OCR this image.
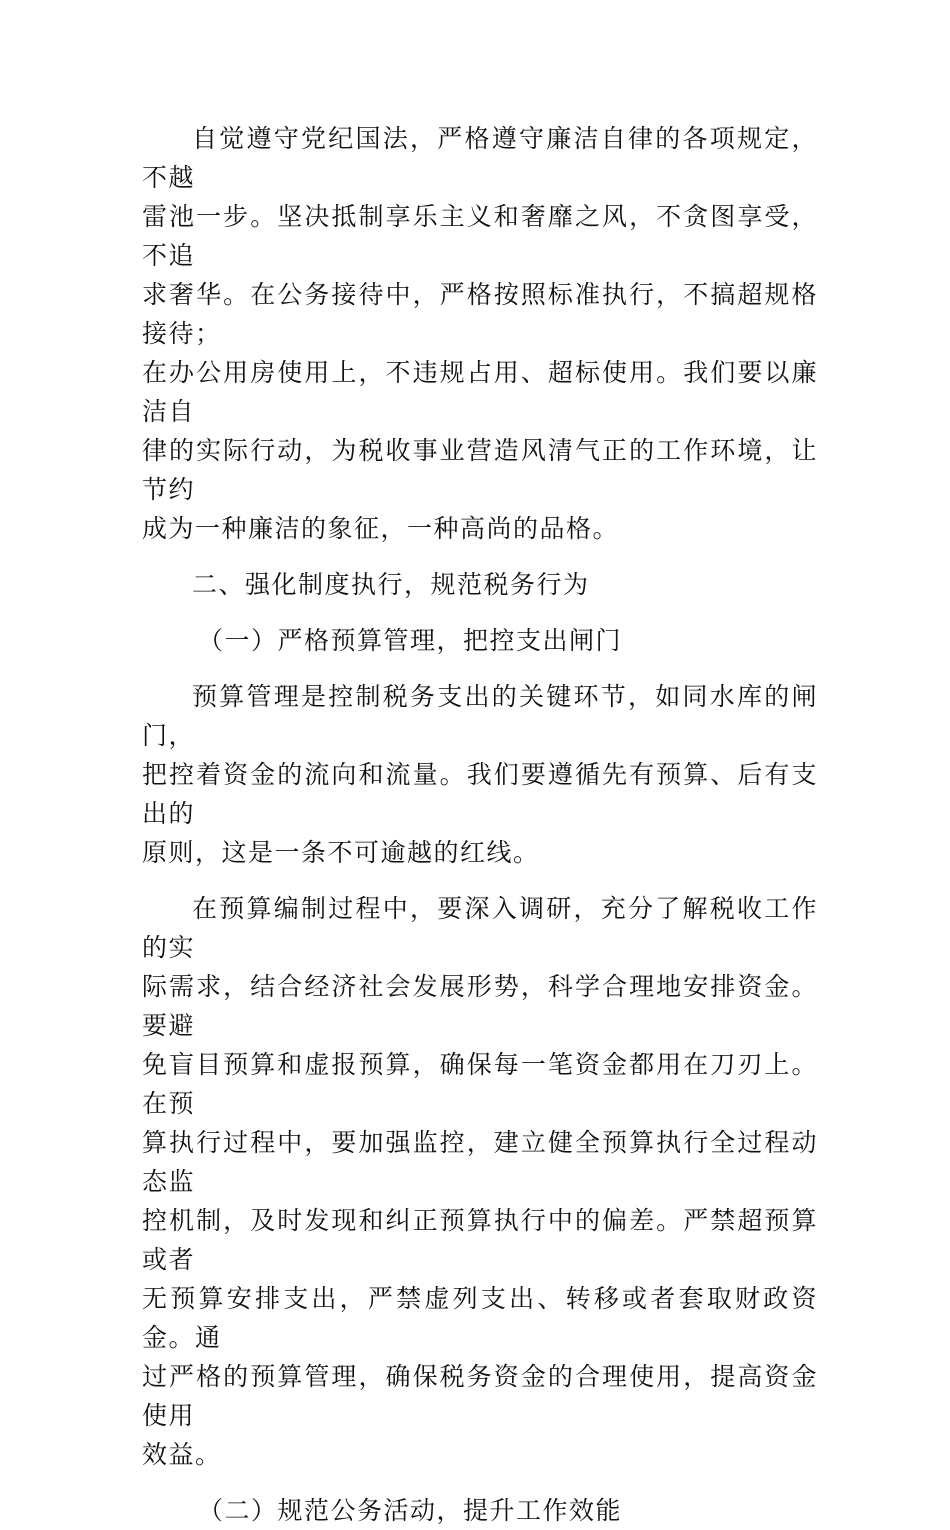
自觉遵守党纪国法，严格遵守廉洁自律的各项规定，不越
雷池一步。坚决抵制享乐主义和奢靡之风，不贪图享受，不追
求奢华。在公务接待中，严格按照标准执行，不搞超规格接待；
在办公用房使用上，不违规占用、超标使用。我们要以廉洁自
律的实际行动，为税收事业营造风清气正的工作环境，让节约
成为一种廉洁的象征，一种高尚的品格。

二、强化制度执行，规范税务行为

（一）严格预算管理，把控支出闸门

预算管理是控制税务支出的关键环节，如同水库的闸门，
把控着资金的流向和流量。我们要遵循先有预算、后有支出的
原则，这是一条不可逾越的红线。

在预算编制过程中，要深入调研，充分了解税收工作的实
际需求，结合经济社会发展形势，科学合理地安排资金。要避
免盲目预算和虚报预算，确保每一笔资金都用在刀刃上。在预
算执行过程中，要加强监控，建立健全预算执行全过程动态监
控机制，及时发现和纠正预算执行中的偏差。严禁超预算或者
无预算安排支出，严禁虚列支出、转移或者套取财政资金。通
过严格的预算管理，确保税务资金的合理使用，提高资金使用
效益。

（二）规范公务活动，提升工作效能
